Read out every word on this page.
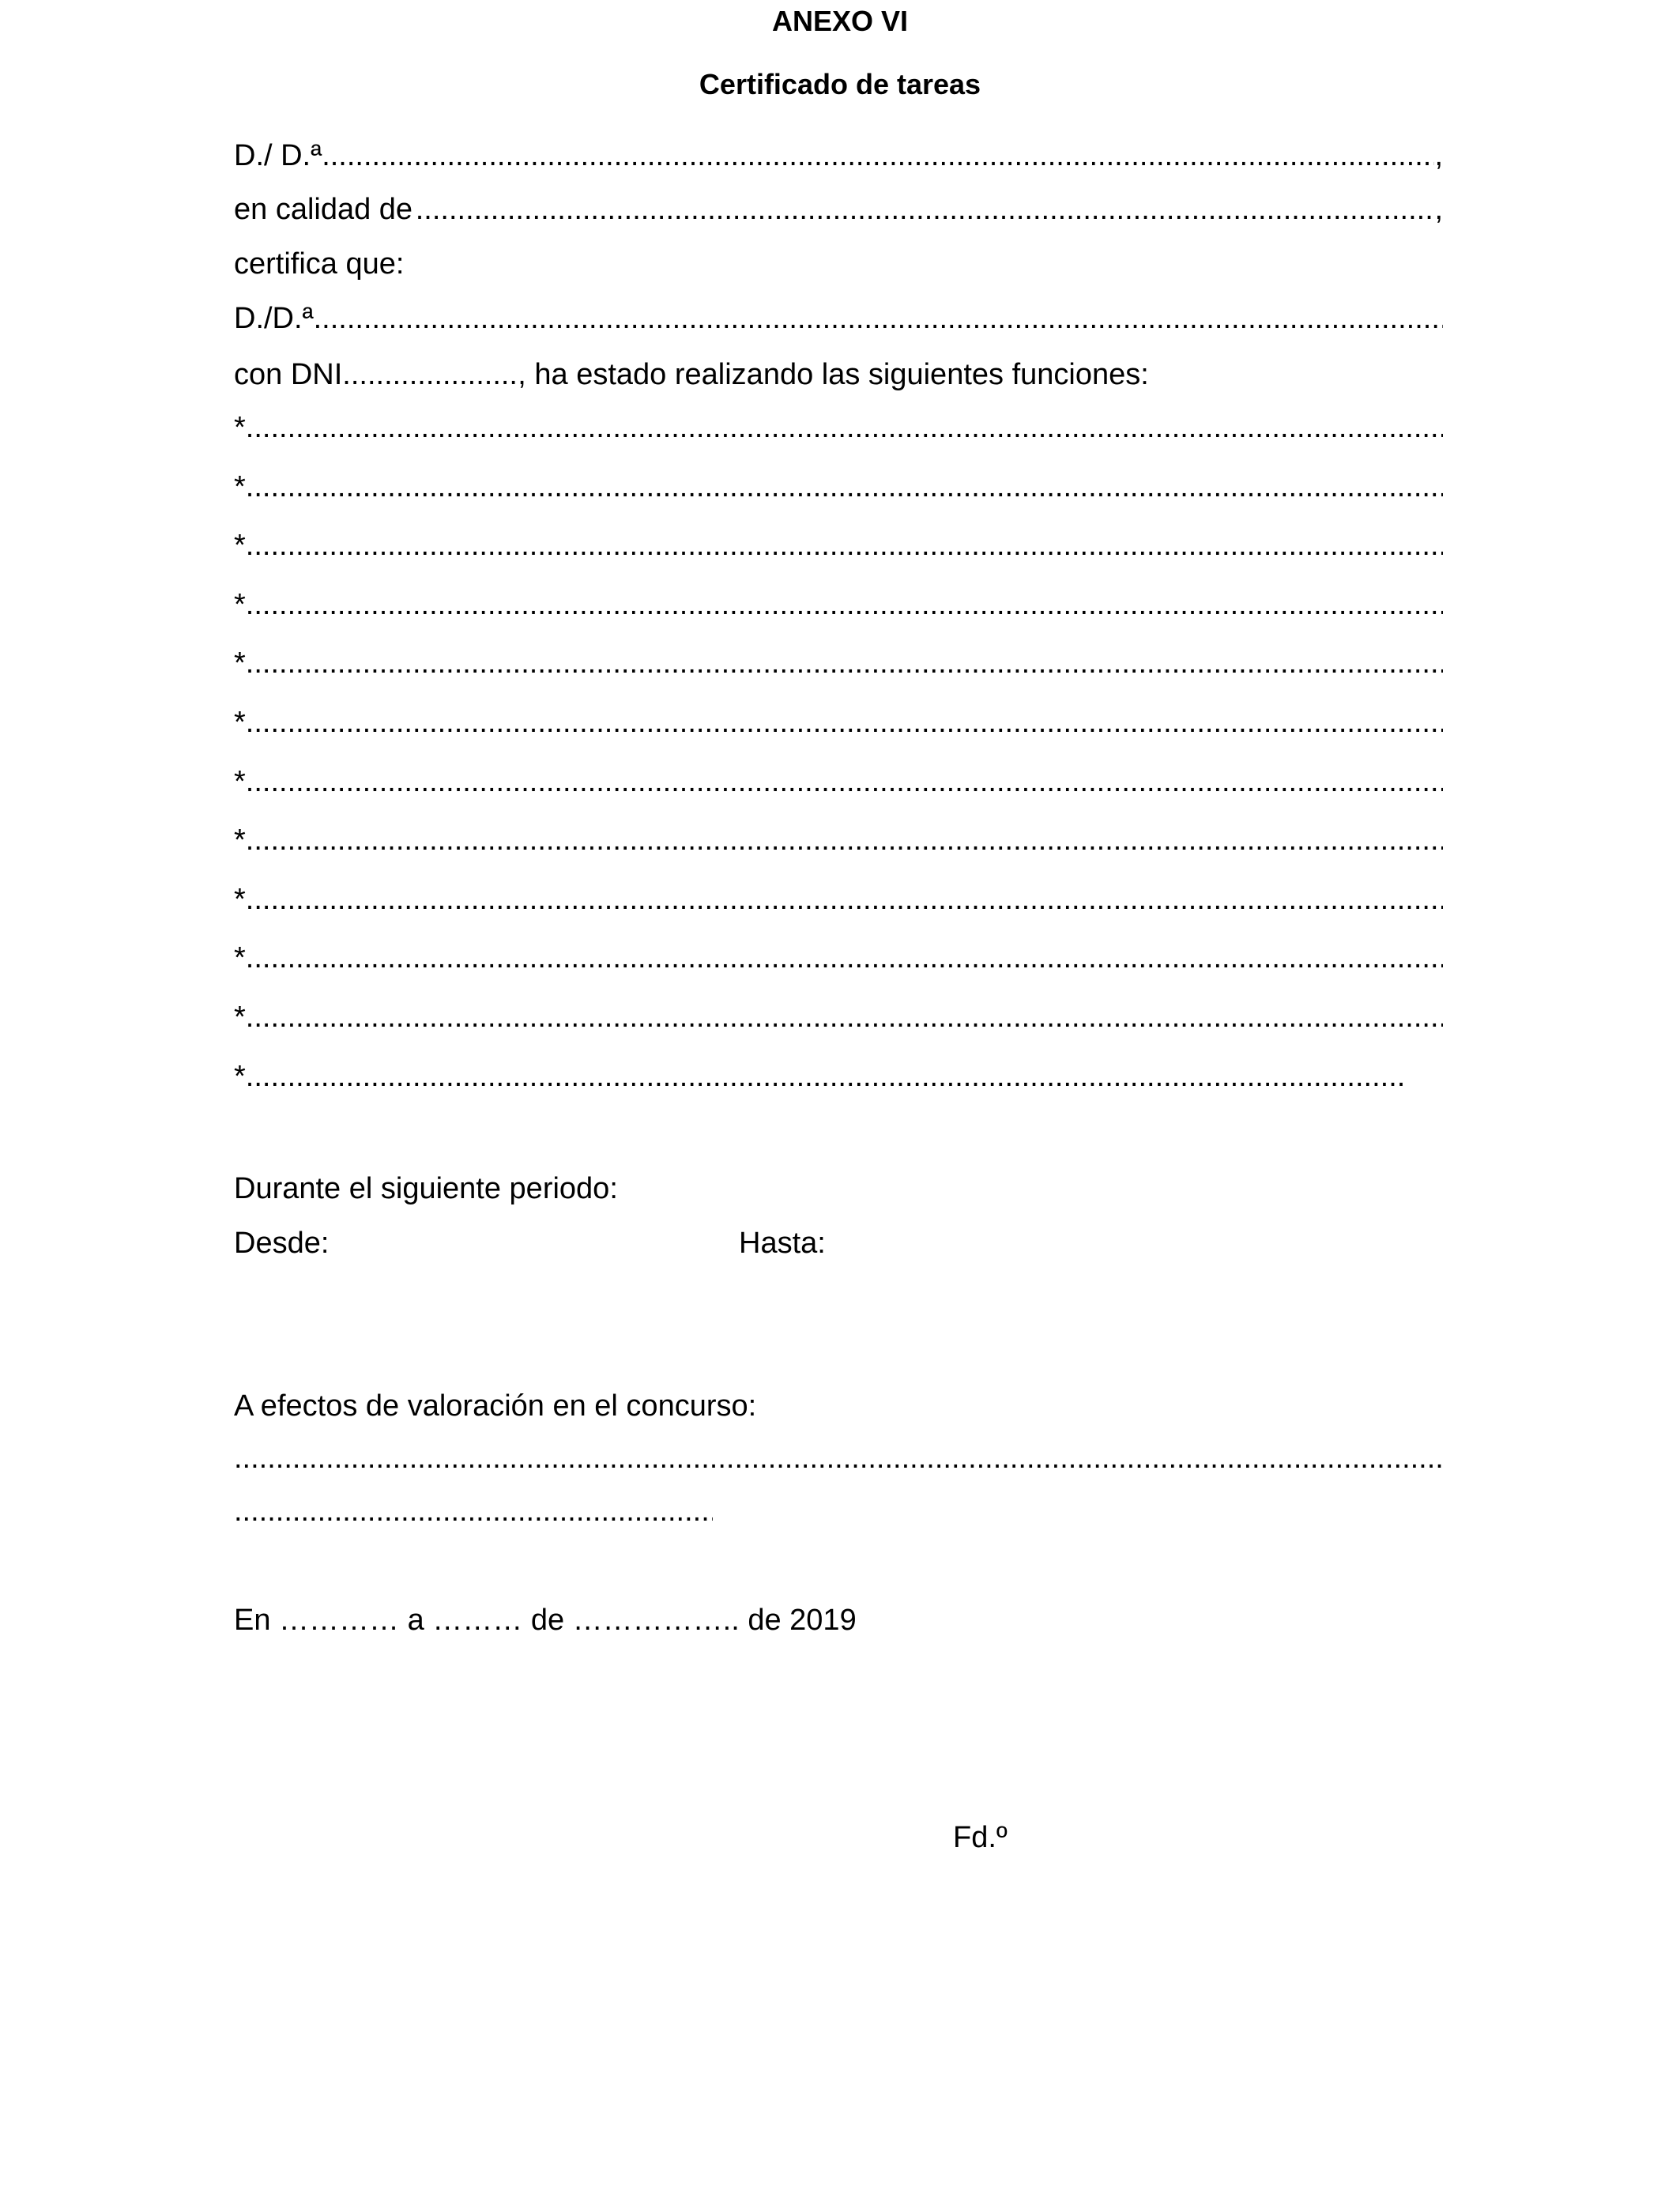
ANEXO VI
Certificado de tareas
D./ D.ª .....	,
en calidad de .....	,
certifica que:
D./D.ª
.....
con DNI .....	, ha estado realizando las siguientes funciones:
*
.....
*
.....
*
.....
*
.....
*
.....
*
.....
*
.....
*
.....
*
.....
*
.....
*
.....
*
.....
Durante el siguiente periodo:
Desde:	Hasta:
A efectos de valoración en el concurso:
.....
.....
En ………… a ……… de …………….. de 2019
Fd.º
